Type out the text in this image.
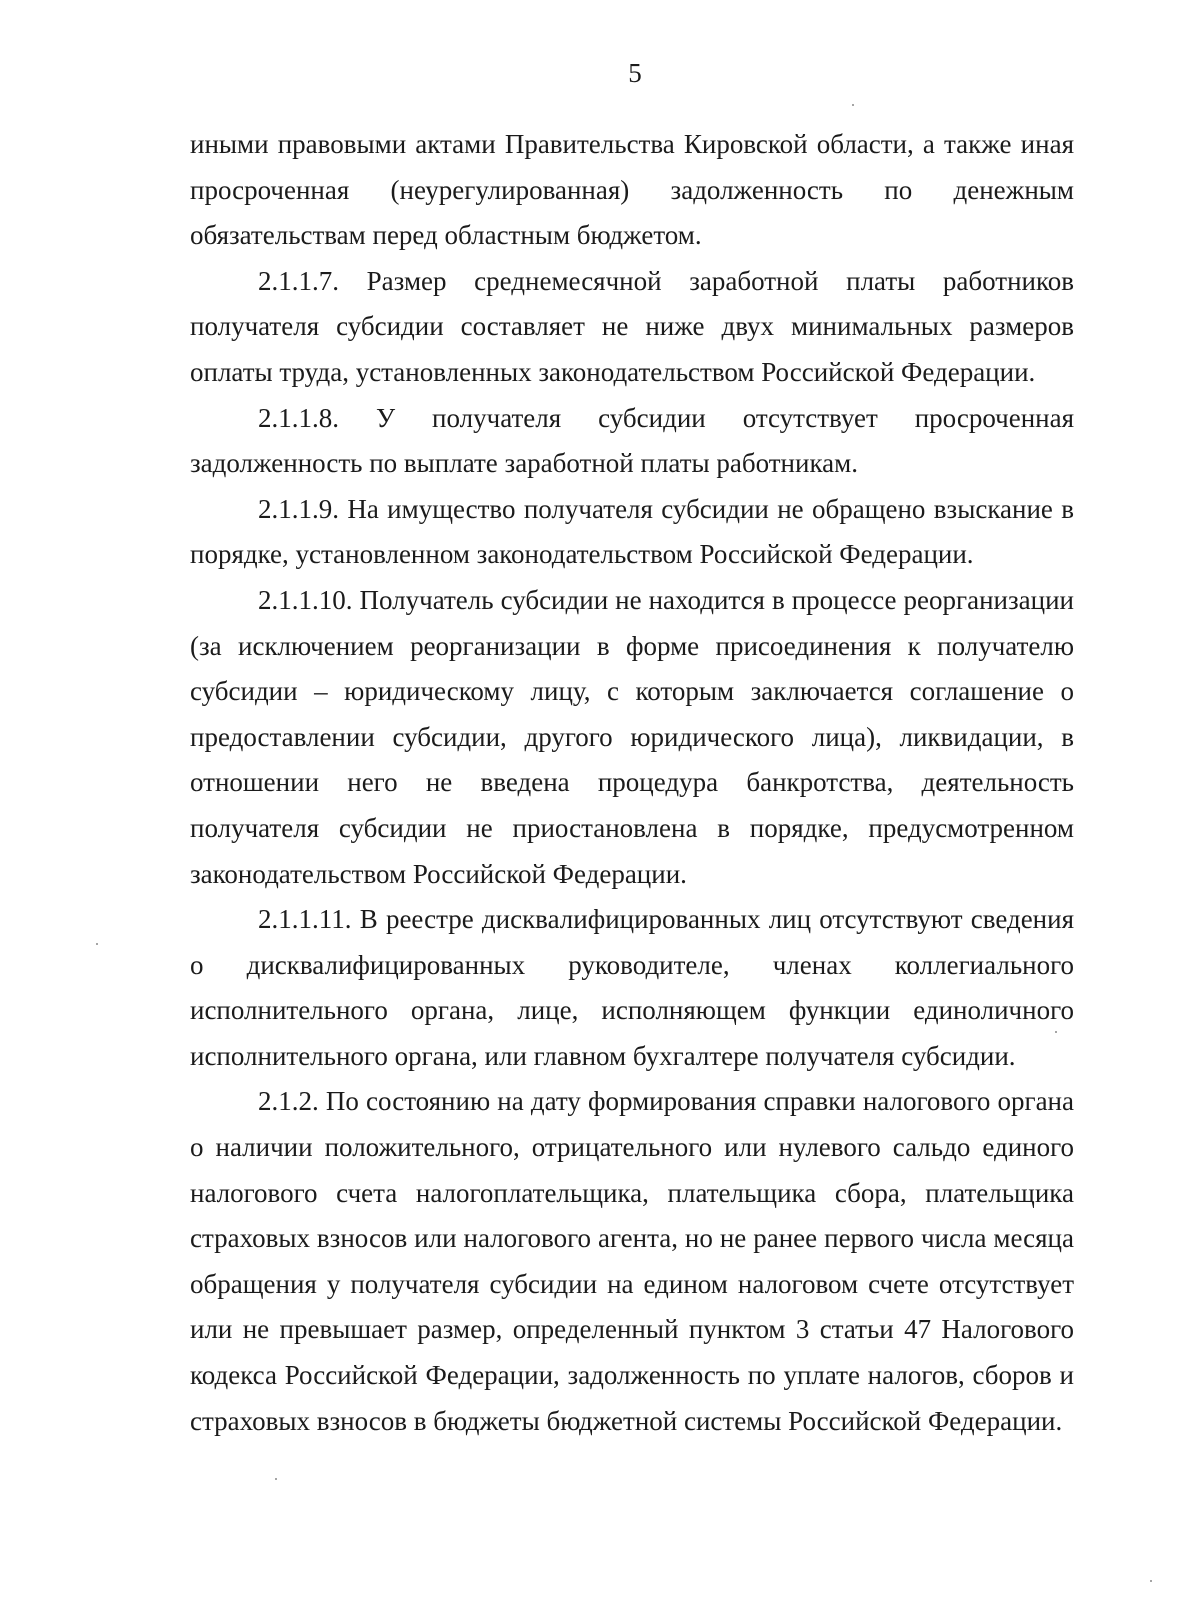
5

иными правовыми актами Правительства Кировской области, а также иная просроченная (неурегулированная) задолженность по денежным обязательствам перед областным бюджетом.

2.1.1.7. Размер среднемесячной заработной платы работников получателя субсидии составляет не ниже двух минимальных размеров оплаты труда, установленных законодательством Российской Федерации.

2.1.1.8. У получателя субсидии отсутствует просроченная задолженность по выплате заработной платы работникам.

2.1.1.9. На имущество получателя субсидии не обращено взыскание в порядке, установленном законодательством Российской Федерации.

2.1.1.10. Получатель субсидии не находится в процессе реорганизации (за исключением реорганизации в форме присоединения к получателю субсидии – юридическому лицу, с которым заключается соглашение о предоставлении субсидии, другого юридического лица), ликвидации, в отношении него не введена процедура банкротства, деятельность получателя субсидии не приостановлена в порядке, предусмотренном законодательством Российской Федерации.

2.1.1.11. В реестре дисквалифицированных лиц отсутствуют сведения о дисквалифицированных руководителе, членах коллегиального исполнительного органа, лице, исполняющем функции единоличного исполнительного органа, или главном бухгалтере получателя субсидии.

2.1.2. По состоянию на дату формирования справки налогового органа о наличии положительного, отрицательного или нулевого сальдо единого налогового счета налогоплательщика, плательщика сбора, плательщика страховых взносов или налогового агента, но не ранее первого числа месяца обращения у получателя субсидии на едином налоговом счете отсутствует или не превышает размер, определенный пунктом 3 статьи 47 Налогового кодекса Российской Федерации, задолженность по уплате налогов, сборов и страховых взносов в бюджеты бюджетной системы Российской Федерации.
